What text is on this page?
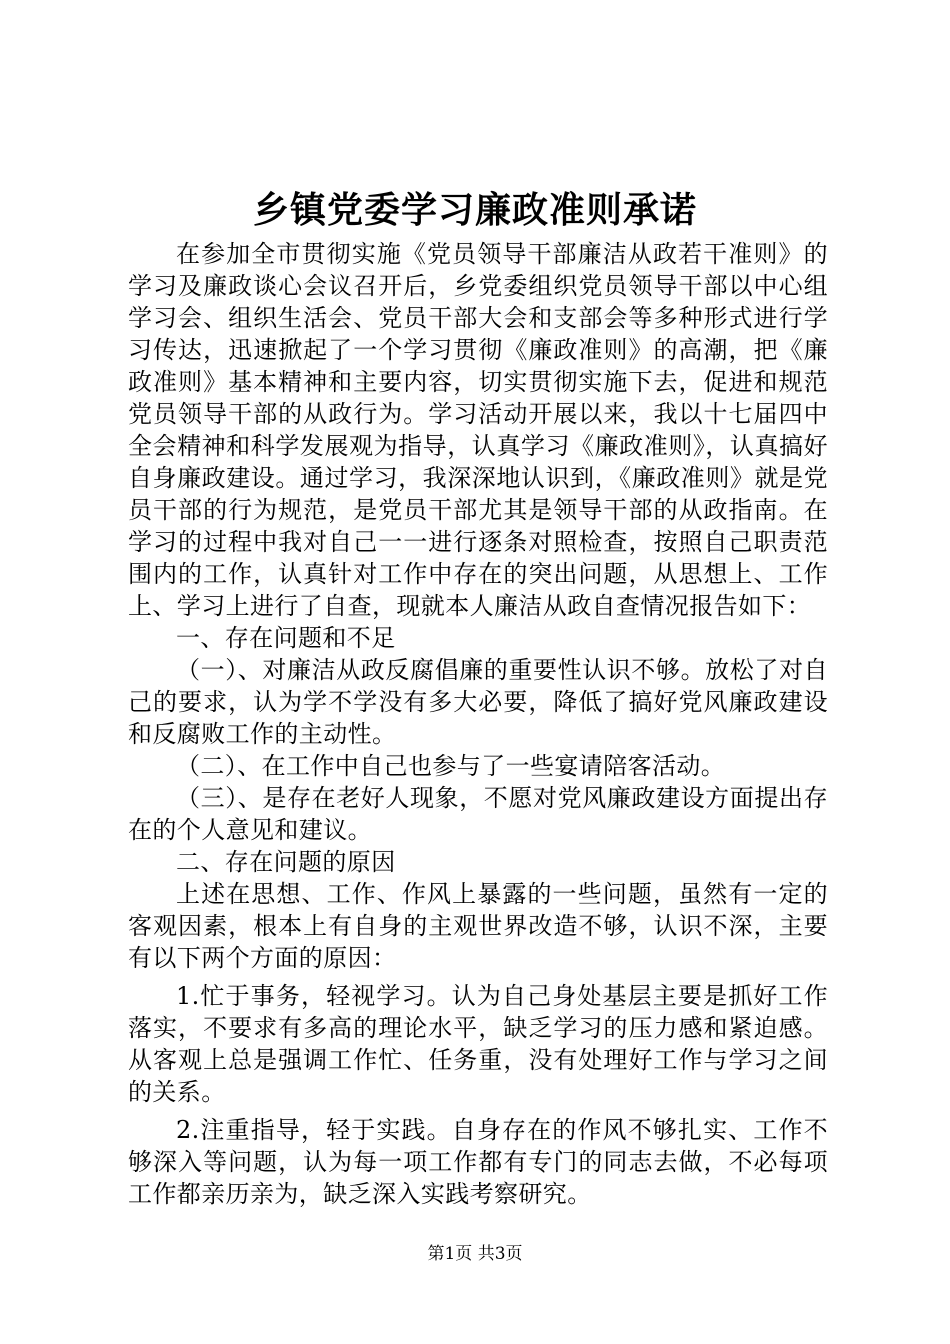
乡镇党委学习廉政准则承诺

在参加全市贯彻实施《党员领导干部廉洁从政若干准则》的学习及廉政谈心会议召开后，乡党委组织党员领导干部以中心组学习会、组织生活会、党员干部大会和支部会等多种形式进行学习传达，迅速掀起了一个学习贯彻《廉政准则》的高潮，把《廉政准则》基本精神和主要内容，切实贯彻实施下去，促进和规范党员领导干部的从政行为。学习活动开展以来，我以十七届四中全会精神和科学发展观为指导，认真学习《廉政准则》，认真搞好自身廉政建设。通过学习，我深深地认识到，《廉政准则》就是党员干部的行为规范，是党员干部尤其是领导干部的从政指南。在学习的过程中我对自己一一进行逐条对照检查，按照自己职责范围内的工作，认真针对工作中存在的突出问题，从思想上、工作上、学习上进行了自查，现就本人廉洁从政自查情况报告如下：

一、存在问题和不足

（一）、对廉洁从政反腐倡廉的重要性认识不够。放松了对自己的要求，认为学不学没有多大必要，降低了搞好党风廉政建设和反腐败工作的主动性。

（二）、在工作中自己也参与了一些宴请陪客活动。

（三）、是存在老好人现象，不愿对党风廉政建设方面提出存在的个人意见和建议。

二、存在问题的原因

上述在思想、工作、作风上暴露的一些问题，虽然有一定的客观因素，根本上有自身的主观世界改造不够，认识不深，主要有以下两个方面的原因：

1.忙于事务，轻视学习。认为自己身处基层主要是抓好工作落实，不要求有多高的理论水平，缺乏学习的压力感和紧迫感。从客观上总是强调工作忙、任务重，没有处理好工作与学习之间的关系。

2.注重指导，轻于实践。自身存在的作风不够扎实、工作不够深入等问题，认为每一项工作都有专门的同志去做，不必每项工作都亲历亲为，缺乏深入实践考察研究。

第1页 共3页
